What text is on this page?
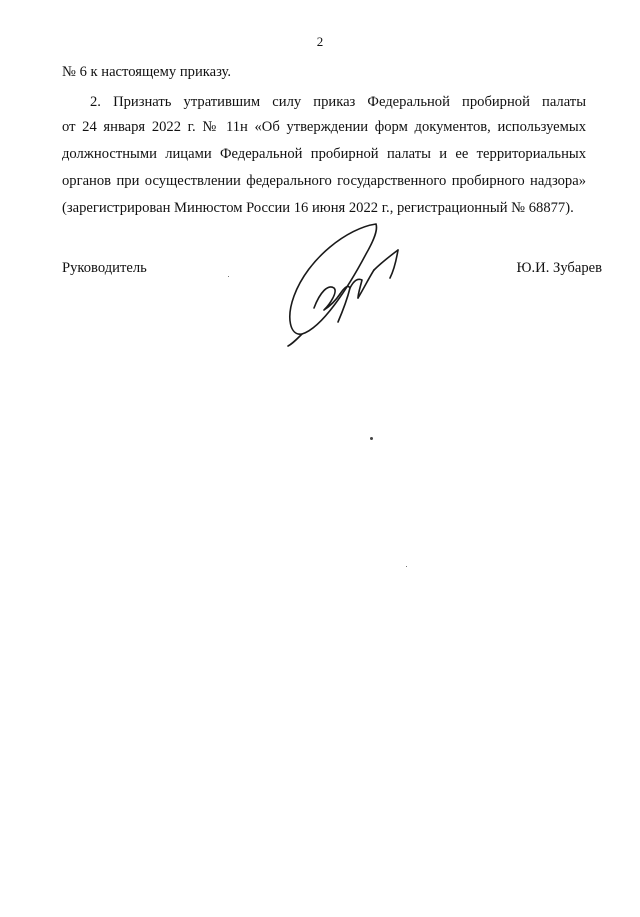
2
№ 6 к настоящему приказу.
2. Признать утратившим силу приказ Федеральной пробирной палаты
от 24 января 2022 г. № 11н «Об утверждении форм документов, используемых
должностными лицами Федеральной пробирной палаты и ее территориальных
органов при осуществлении федерального государственного пробирного надзора»
(зарегистрирован Минюстом России 16 июня 2022 г., регистрационный № 68877).
Руководитель	Ю.И. Зубарев
